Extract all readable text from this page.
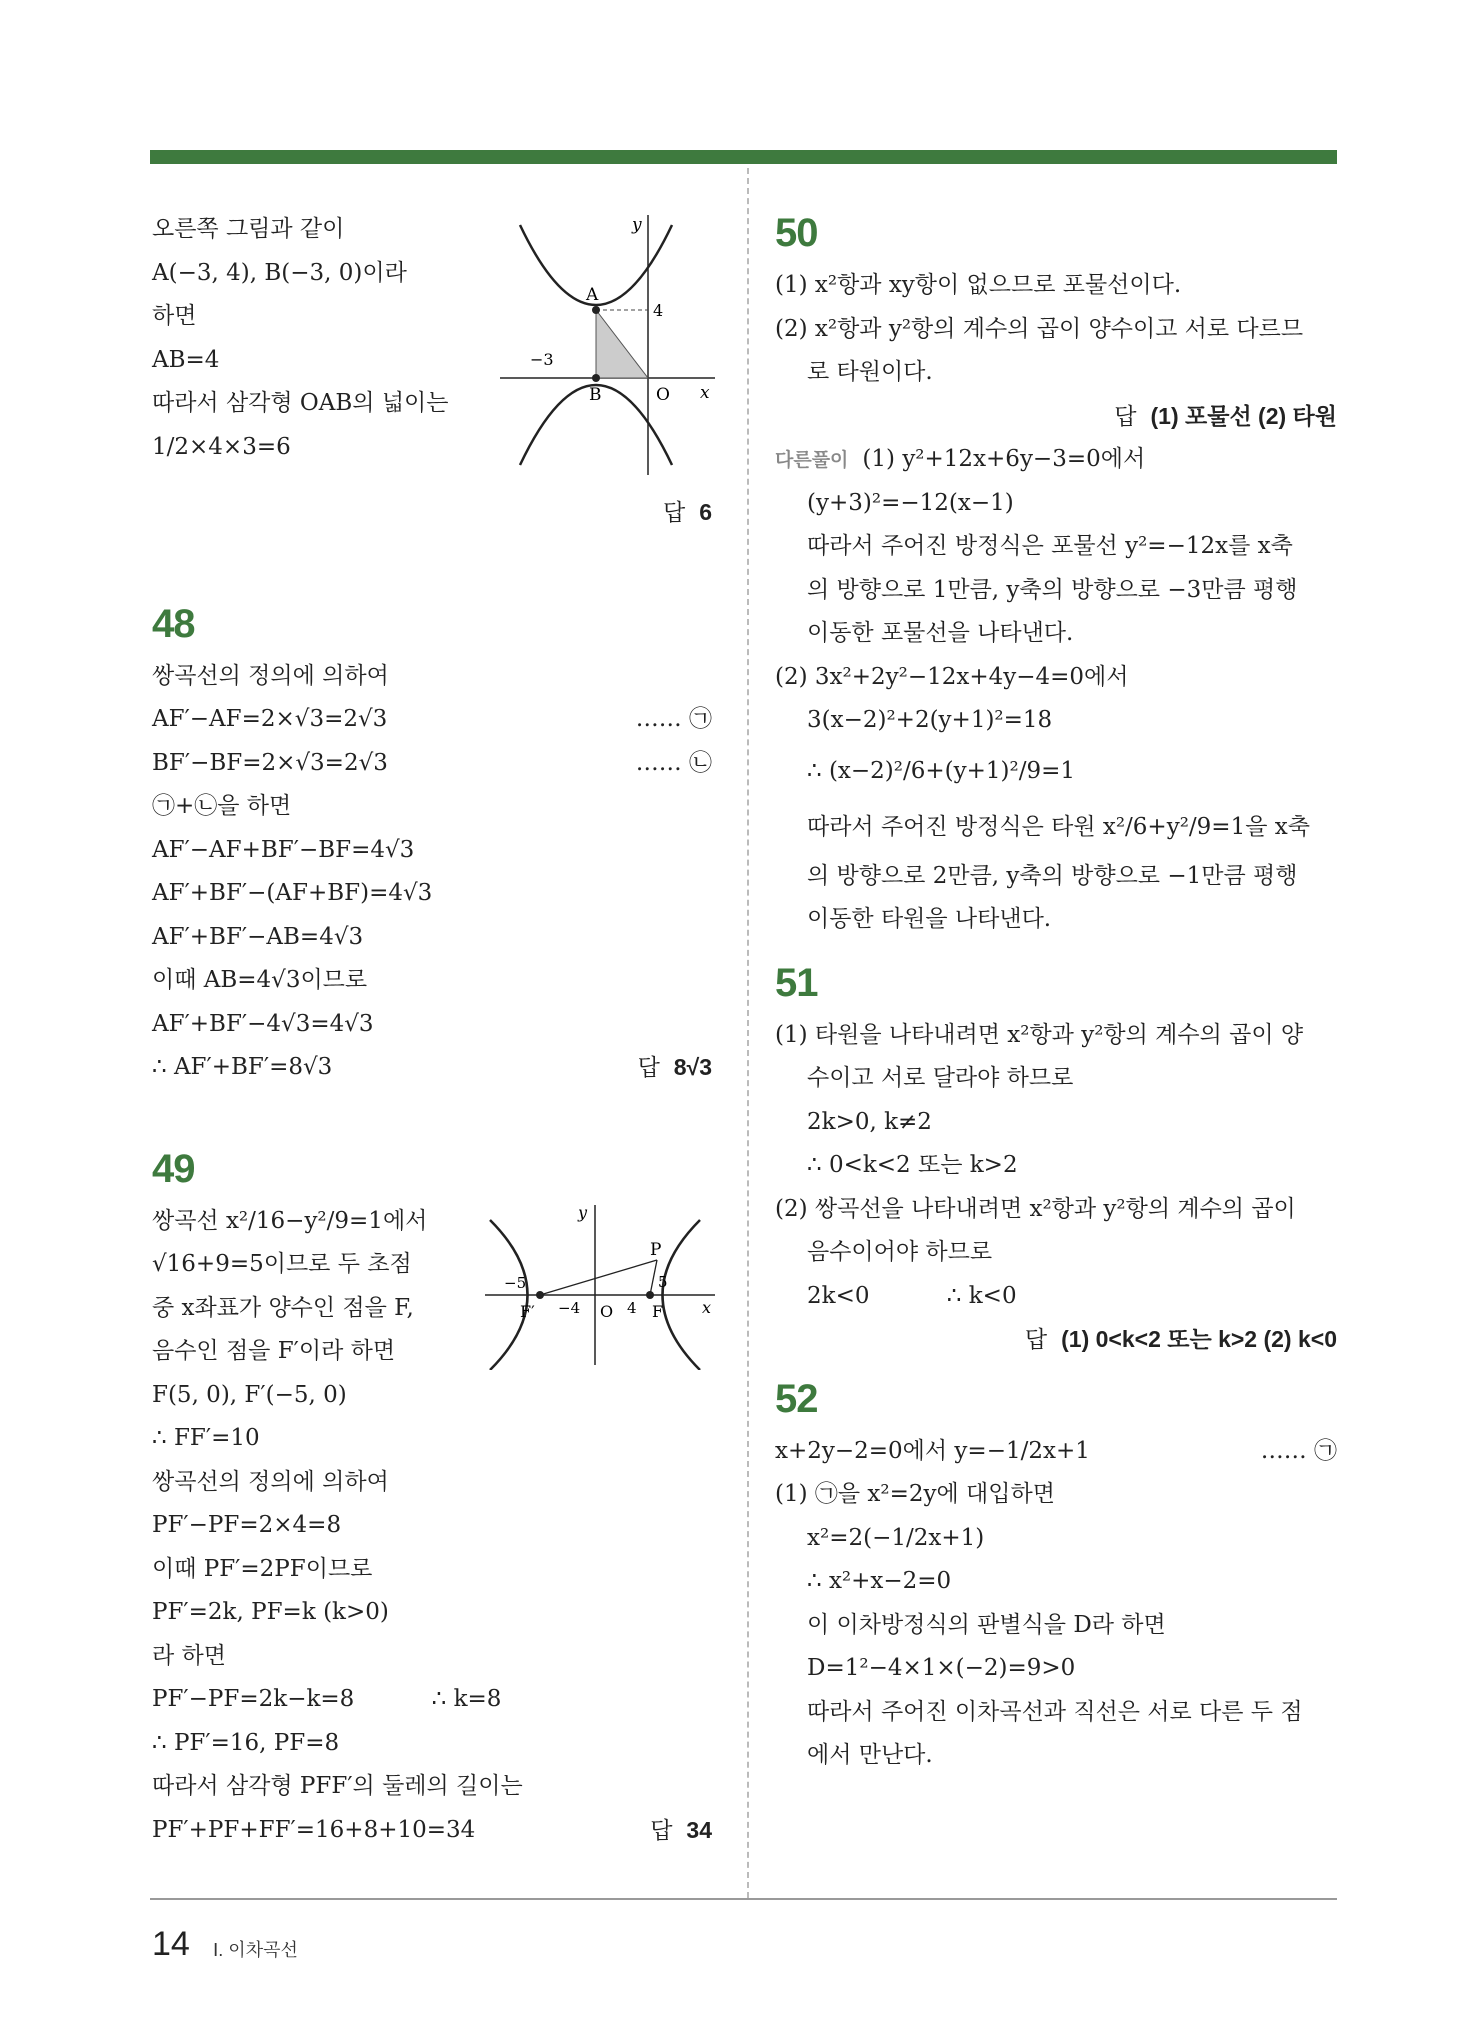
오른쪽 그림과 같이
A(−3, 4), B(−3, 0)이라
하면
AB=4
따라서 삼각형 OAB의 넓이는
1/2×4×3=6
답 6
48
쌍곡선의 정의에 의하여
AF′−AF=2×√3=2√3	…… ㉠
BF′−BF=2×√3=2√3	…… ㉡
㉠+㉡을 하면
AF′−AF+BF′−BF=4√3
AF′+BF′−(AF+BF)=4√3
AF′+BF′−AB=4√3
이때 AB=4√3이므로
AF′+BF′−4√3=4√3
∴ AF′+BF′=8√3	답 8√3
49
쌍곡선 x²/16−y²/9=1에서
√16+9=5이므로 두 초점
중 x좌표가 양수인 점을 F,
음수인 점을 F′이라 하면
F(5, 0), F′(−5, 0)
∴ FF′=10
쌍곡선의 정의에 의하여
PF′−PF=2×4=8
이때 PF′=2PF이므로
PF′=2k, PF=k (k>0)
라 하면
PF′−PF=2k−k=8	∴ k=8
∴ PF′=16, PF=8
따라서 삼각형 PFF′의 둘레의 길이는
PF′+PF+FF′=16+8+10=34	답 34
A
B	O
4
−3
x
y
P
F
F′	O
−5
−4	4
5
x
y
50
(1) x²항과 xy항이 없으므로 포물선이다.
(2) x²항과 y²항의 계수의 곱이 양수이고 서로 다르므
로 타원이다.
답 (1) 포물선 (2) 타원
다른풀이 (1) y²+12x+6y−3=0에서
(y+3)²=−12(x−1)
따라서 주어진 방정식은 포물선 y²=−12x를 x축
의 방향으로 1만큼, y축의 방향으로 −3만큼 평행
이동한 포물선을 나타낸다.
(2) 3x²+2y²−12x+4y−4=0에서
3(x−2)²+2(y+1)²=18
∴ (x−2)²/6+(y+1)²/9=1
따라서 주어진 방정식은 타원 x²/6+y²/9=1을 x축
의 방향으로 2만큼, y축의 방향으로 −1만큼 평행
이동한 타원을 나타낸다.
51
(1) 타원을 나타내려면 x²항과 y²항의 계수의 곱이 양
수이고 서로 달라야 하므로
2k>0, k≠2
∴ 0<k<2 또는 k>2
(2) 쌍곡선을 나타내려면 x²항과 y²항의 계수의 곱이
음수이어야 하므로
2k<0	∴ k<0
답 (1) 0<k<2 또는 k>2 (2) k<0
52
x+2y−2=0에서 y=−1/2x+1	…… ㉠
(1) ㉠을 x²=2y에 대입하면
x²=2(−1/2x+1)
∴ x²+x−2=0
이 이차방정식의 판별식을 D라 하면
D=1²−4×1×(−2)=9>0
따라서 주어진 이차곡선과 직선은 서로 다른 두 점
에서 만난다.
14 Ⅰ. 이차곡선
